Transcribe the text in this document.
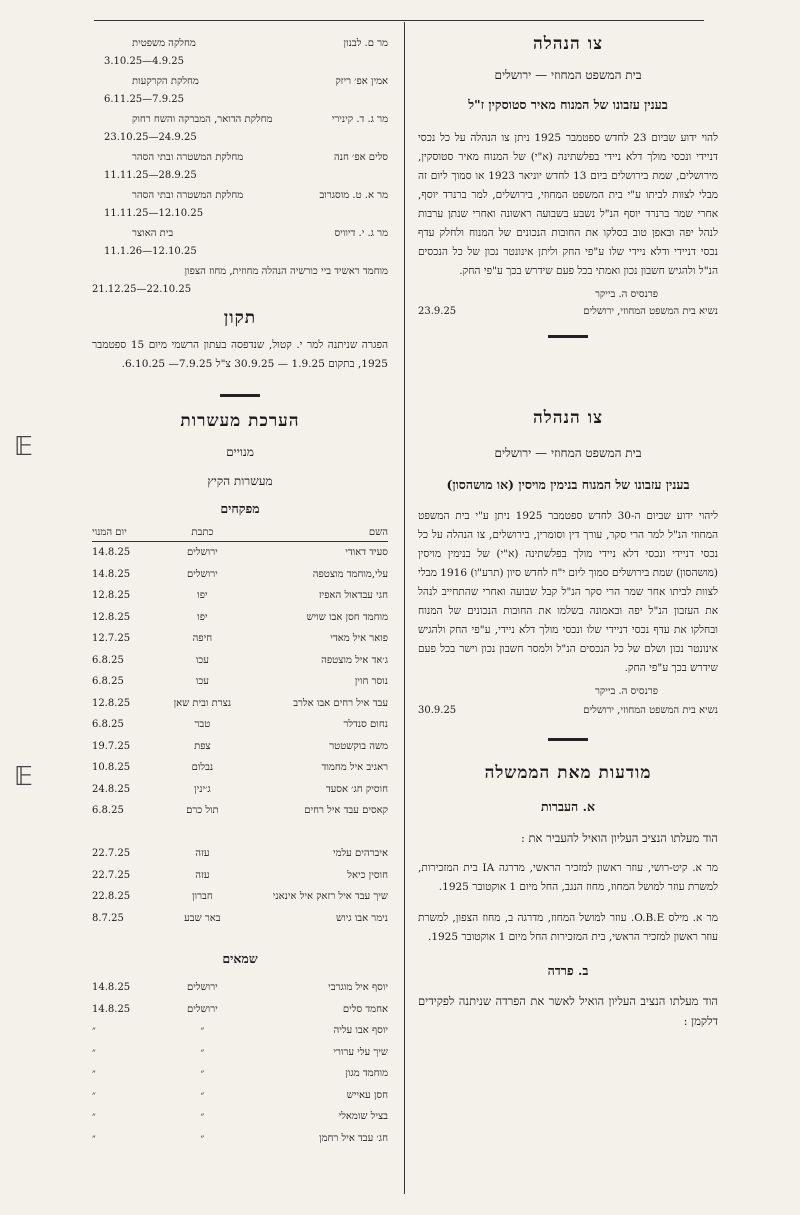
𝔼
𝔼
צו הנהלה
בית המשפט המחוזי — ירושלים
בענין עזבונו של המנוח מאיר סטוסקין ז"ל
להוי ידוע שביום 23 לחדש ספטמבר 1925 ניתן צו הנהלה על כל נכסי דניידי ונכסי מולך דלא ניידי בפלשתינה (א"י) של המנוח מאיר סטוסקין, מירושלים, שמת בירושלים ביום 13 לחדש יוניאר 1923 או סמוך ליום זה מבלי לצוות לביתו ע"י בית המשפט המחוזי, בירושלים, למר ברנרד יוסף, אחרי שמר ברנרד יוסף הנ"ל נשבע בשבועה ראשונה ואחרי שנתן ערבות לנהל יפה ובאפן טוב בסלקו את החובות הנכונים של המנוח ולחלק עדף נכסי דניידי ודלא ניידי שלו ע"פי החק וליתן אינונטר נכון של כל הנכסים הנ"ל ולהגיש חשבון נכון ואמתי בכל פעם שידרש בכך ע"פי החק.
פרנסיס ה. בייקר
נשיא בית המשפט המחוזי, ירושלים
23.9.25
צו הנהלה
בית המשפט המחוזי — ירושלים
בענין עזבונו של המנוח בנימין מויסין (או מושהסון)
ליהוי ידוע שביום ה-30 לחדש ספטמבר 1925 ניתן ע"י בית המשפט המחוזי הנ"ל למר הרי סקר, עורך דין וסומרין, בירושלים, צו הנהלה על כל נכסי דניידי ונכסי דלא ניידי מולך בפלשתינה (א"י) של בנימין מויסין (מושהסון) שמת בירושלים סמוך ליום י"ח לחדש סיון (תרע"ו) 1916 מבלי לצוות לביתו אחר שמר הרי סקר הנ"ל קבל שבועה ואחרי שהתחייב לנהל את העזבון הנ"ל יפה ובאמונה בשלמו את החובות הנכונים של המנוח ובחלקו את עדף נכסי דניידי שלו ונכסי מולך דלא ניידי, ע"פי החק ולהגיש אינונטר נכון ושלם של כל הנכסים הנ"ל ולמסר חשבון נכון וישר בכל פעם שידרש בכך ע"פי החק.
פרנסיס ה. בייקר
נשיא בית המשפט המחוזי, ירושלים
30.9.25
מודעות מאת הממשלה
א. העברות
הוד מעלתו הנציב העליון הואיל להעביר את :
מר א. קיט-רושי, עוזר ראשון למזכיר הראשי, מדרגה IA בית המזכירות, למשרת עוזר למושל המחוז, מחוז הנגב, החל מיום 1 אוקטובר 1925.
מר א. מילס O.B.E. עוזר למושל המחוז, מדרגה ב, מחוז הצפון, למשרת עוזר ראשון למזכיר הראשי, בית המזכירות החל מיום 1 אוקטובר 1925.
ב. פרדה
הוד מעלתו הנציב העליון הואיל לאשר את הפרדה שניתנה לפקידים דלקמן :
מר ם. לבנון
מחלקה משפטית
3.10.25—4.9.25
אמין אפ׳ ריזק
מחלקת הקרקעות
6.11.25—7.9.25
מר ג. ד. קינירי
מחלקת הדואר, המברקה והשח רחוק
23.10.25—24.9.25
סלים אפ׳ חנה
מחלקת המשטרה ובתי הסהר
11.11.25—28.9.25
מר א. ט. מוסגרוב
מחלקת המשטרה ובתי הסהר
11.11.25—12.10.25
מר ג. י. דיוויס
בית האוצר
11.1.26—12.10.25
מוחמד ראשיד ביי כורשיה הנהלה מחוזית, מחוז הצפון
21.12.25—22.10.25
תקון
הפגרה שניתנה למר י. קטול, שנדפסה בעתון הרשמי מיום 15 ספטמבר 1925, בתקום 1.9.25 — 30.9.25 צ"ל 7.9.25— 6.10.25.
הערכת מעשרות
מנויים
מעשרות הקיץ
מפקחים
השם	כתבת	יום המנוי
סעיד דאודי	ירושלים	14.8.25
עלי,מוחמד מוצטפה	ירושלים	14.8.25
חגי עבדאול האפיז	יפו	12.8.25
מוחמד חסן אבו שויש	יפו	12.8.25
פואר איל מאדי	חיפה	12.7.25
ג׳אד איל מוצטפה	עכו	6.8.25
נוסר חוין	עכו	6.8.25
עבד איל רחים אבו אלרב	נצרת ובית שאן	12.8.25
נחום סנדלר	טבר	6.8.25
משה בוקשטטר	צפת	19.7.25
ראגיב איל מחמוד	נבלום	10.8.25
חוסיק חג׳ אסעד	ג׳ינין	24.8.25
קאסים עבד איל רחים	תול כרם	6.8.25

איברהים עלמי	עזה	22.7.25
חוסין כיאל	עזה	22.7.25
שיך עבד איל רזאק איל אינאני	חברון	22.8.25
נימר אבו גיוש	באר שבע	8.7.25
שמאים
יוסף איל מוגרבי	ירושלים	14.8.25
אחמד סלים	ירושלים	14.8.25
יוסף אבו עליה	״	״
שיך עלי ערורי	״	״
מוחמד מגון	״	״
חסן עאייש	״	״
בציל שומאלי	״	״
חג׳ עבד איל רחמן	״	״
